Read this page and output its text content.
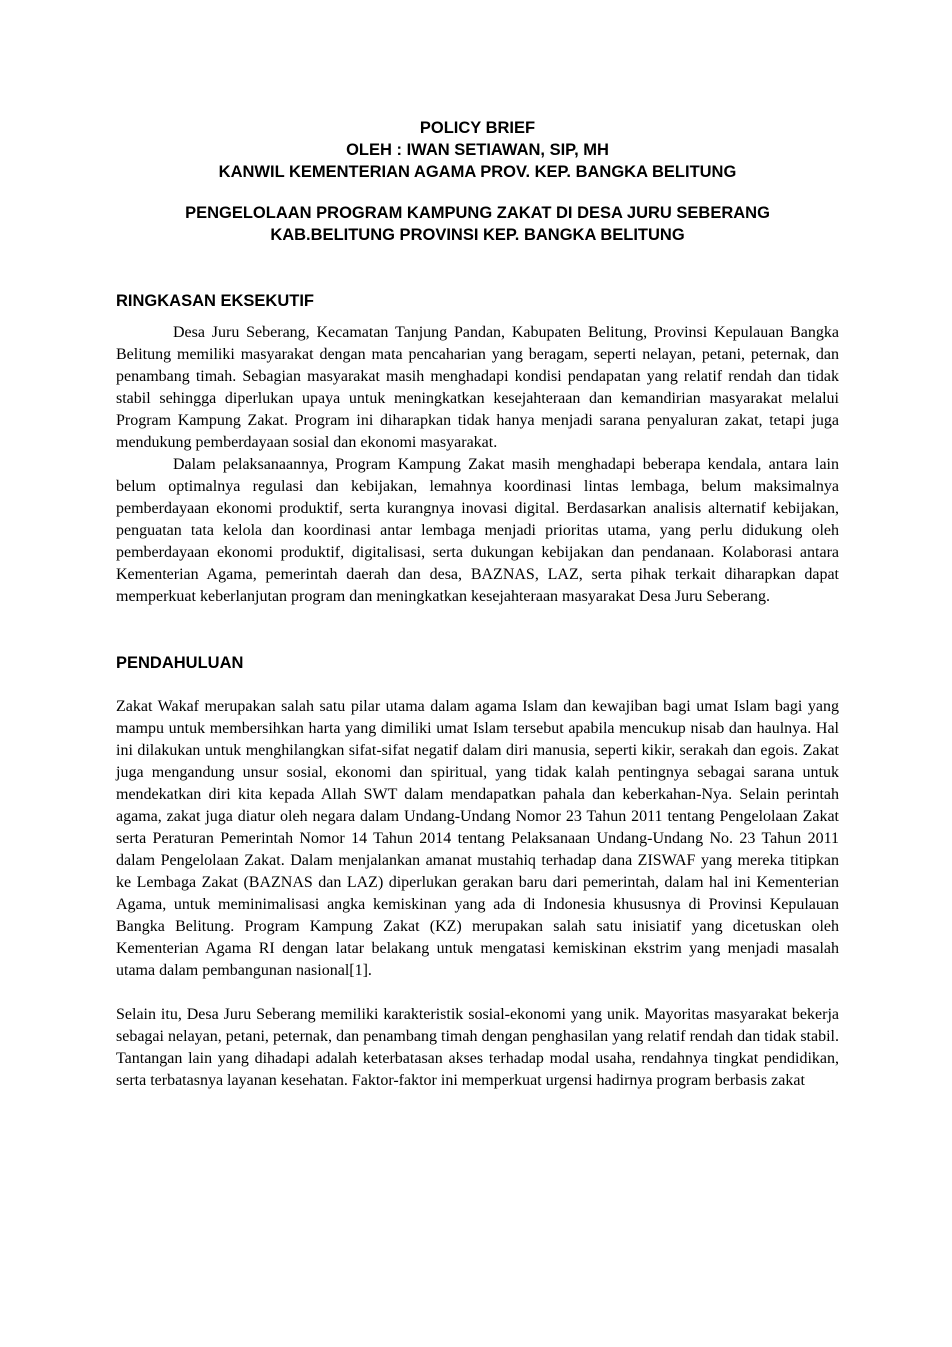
POLICY BRIEF

OLEH : IWAN SETIAWAN, SIP, MH

KANWIL KEMENTERIAN AGAMA PROV. KEP. BANGKA BELITUNG

PENGELOLAAN PROGRAM KAMPUNG ZAKAT DI DESA JURU SEBERANG

KAB.BELITUNG PROVINSI KEP. BANGKA BELITUNG

RINGKASAN EKSEKUTIF

Desa Juru Seberang, Kecamatan Tanjung Pandan, Kabupaten Belitung, Provinsi Kepulauan Bangka Belitung memiliki masyarakat dengan mata pencaharian yang beragam, seperti nelayan, petani, peternak, dan penambang timah. Sebagian masyarakat masih menghadapi kondisi pendapatan yang relatif rendah dan tidak stabil sehingga diperlukan upaya untuk meningkatkan kesejahteraan dan kemandirian masyarakat melalui Program Kampung Zakat. Program ini diharapkan tidak hanya menjadi sarana penyaluran zakat, tetapi juga mendukung pemberdayaan sosial dan ekonomi masyarakat.

Dalam pelaksanaannya, Program Kampung Zakat masih menghadapi beberapa kendala, antara lain belum optimalnya regulasi dan kebijakan, lemahnya koordinasi lintas lembaga, belum maksimalnya pemberdayaan ekonomi produktif, serta kurangnya inovasi digital. Berdasarkan analisis alternatif kebijakan, penguatan tata kelola dan koordinasi antar lembaga menjadi prioritas utama, yang perlu didukung oleh pemberdayaan ekonomi produktif, digitalisasi, serta dukungan kebijakan dan pendanaan. Kolaborasi antara Kementerian Agama, pemerintah daerah dan desa, BAZNAS, LAZ, serta pihak terkait diharapkan dapat memperkuat keberlanjutan program dan meningkatkan kesejahteraan masyarakat Desa Juru Seberang.

PENDAHULUAN

Zakat Wakaf merupakan salah satu pilar utama dalam agama Islam dan kewajiban bagi umat Islam bagi yang mampu untuk membersihkan harta yang dimiliki umat Islam tersebut apabila mencukup nisab dan haulnya. Hal ini dilakukan untuk menghilangkan sifat-sifat negatif dalam diri manusia, seperti kikir, serakah dan egois. Zakat juga mengandung unsur sosial, ekonomi dan spiritual, yang tidak kalah pentingnya sebagai sarana untuk mendekatkan diri kita kepada Allah SWT dalam mendapatkan pahala dan keberkahan-Nya. Selain perintah agama, zakat juga diatur oleh negara dalam Undang-Undang Nomor 23 Tahun 2011 tentang Pengelolaan Zakat serta Peraturan Pemerintah Nomor 14 Tahun 2014 tentang Pelaksanaan Undang-Undang No. 23 Tahun 2011 dalam Pengelolaan Zakat. Dalam menjalankan amanat mustahiq terhadap dana ZISWAF yang mereka titipkan ke Lembaga Zakat (BAZNAS dan LAZ) diperlukan gerakan baru dari pemerintah, dalam hal ini Kementerian Agama, untuk meminimalisasi angka kemiskinan yang ada di Indonesia khususnya di Provinsi Kepulauan Bangka Belitung. Program Kampung Zakat (KZ) merupakan salah satu inisiatif yang dicetuskan oleh Kementerian Agama RI dengan latar belakang untuk mengatasi kemiskinan ekstrim yang menjadi masalah utama dalam pembangunan nasional[1].

Selain itu, Desa Juru Seberang memiliki karakteristik sosial-ekonomi yang unik. Mayoritas masyarakat bekerja sebagai nelayan, petani, peternak, dan penambang timah dengan penghasilan yang relatif rendah dan tidak stabil. Tantangan lain yang dihadapi adalah keterbatasan akses terhadap modal usaha, rendahnya tingkat pendidikan, serta terbatasnya layanan kesehatan. Faktor-faktor ini memperkuat urgensi hadirnya program berbasis zakat
